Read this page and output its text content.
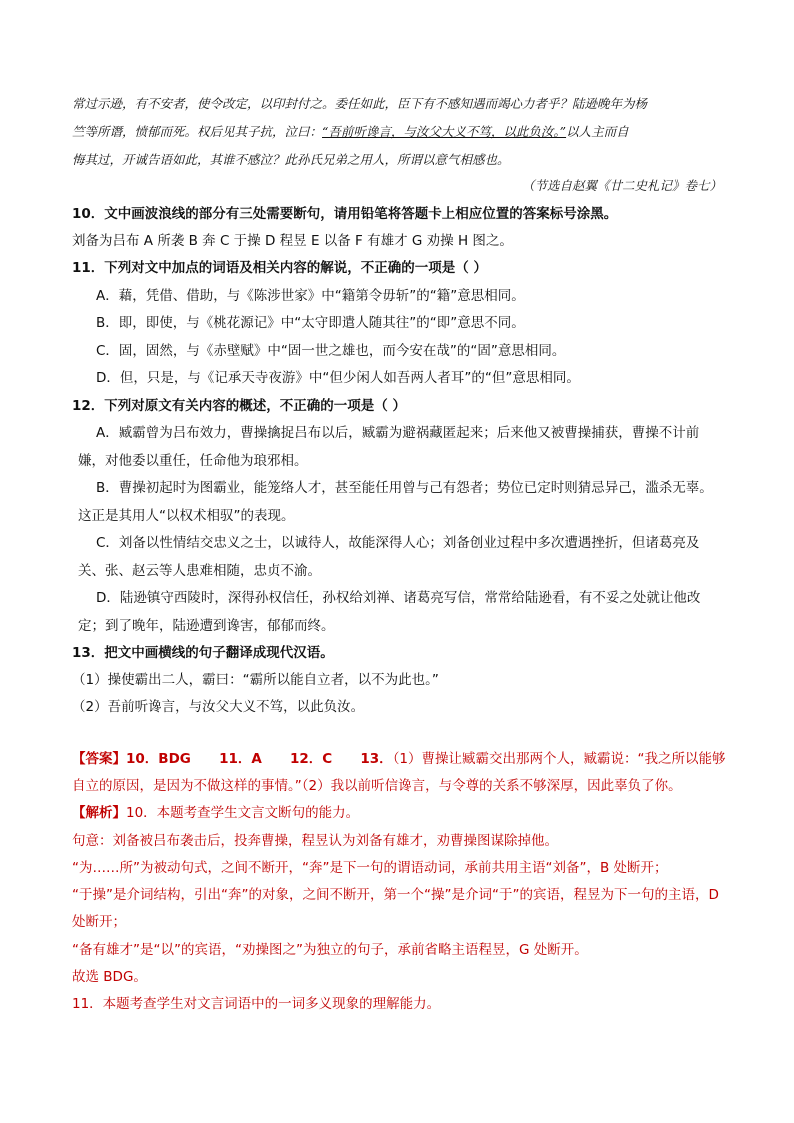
常过示逊，有不安者，使令改定，以印封付之。委任如此，臣下有不感知遇而竭心力者乎？陆逊晚年为杨
竺等所谮，愤郁而死。权后见其子抗，泣曰：“吾前听谗言，与汝父大义不笃，以此负汝。”以人主而自
悔其过，开诚告语如此，其谁不感泣？此孙氏兄弟之用人，所谓以意气相感也。
（节选自赵翼《廿二史札记》卷七）
10．文中画波浪线的部分有三处需要断句，请用铅笔将答题卡上相应位置的答案标号涂黑。
刘备为吕布 A 所袭 B 奔 C 于操 D 程昱 E 以备 F 有雄才 G 劝操 H 图之。
11．下列对文中加点的词语及相关内容的解说，不正确的一项是（ ）
A．藉，凭借、借助，与《陈涉世家》中“籍第令毋斩”的“籍”意思相同。
B．即，即使，与《桃花源记》中“太守即遣人随其往”的“即”意思不同。
C．固，固然，与《赤壁赋》中“固一世之雄也，而今安在哉”的“固”意思相同。
D．但，只是，与《记承天寺夜游》中“但少闲人如吾两人者耳”的“但”意思相同。
12．下列对原文有关内容的概述，不正确的一项是（ ）
A．臧霸曾为吕布效力，曹操擒捉吕布以后，臧霸为避祸藏匿起来；后来他又被曹操捕获，曹操不计前
嫌，对他委以重任，任命他为琅邪相。
B．曹操初起时为图霸业，能笼络人才，甚至能任用曾与己有怨者；势位已定时则猜忌异己，滥杀无辜。
这正是其用人“以权术相驭”的表现。
C．刘备以性情结交忠义之士，以诚待人，故能深得人心；刘备创业过程中多次遭遇挫折，但诸葛亮及
关、张、赵云等人患难相随，忠贞不渝。
D．陆逊镇守西陵时，深得孙权信任，孙权给刘禅、诸葛亮写信，常常给陆逊看，有不妥之处就让他改
定；到了晚年，陆逊遭到谗害，郁郁而终。
13．把文中画横线的句子翻译成现代汉语。
（1）操使霸出二人，霸曰：“霸所以能自立者，以不为此也。”
（2）吾前听谗言，与汝父大义不笃，以此负汝。
【答案】10．BDG      11．A      12．C      13．（1）曹操让臧霸交出那两个人，臧霸说：“我之所以能够
自立的原因，是因为不做这样的事情。”（2）我以前听信谗言，与令尊的关系不够深厚，因此辜负了你。
【解析】10．本题考查学生文言文断句的能力。
句意：刘备被吕布袭击后，投奔曹操，程昱认为刘备有雄才，劝曹操图谋除掉他。
“为……所”为被动句式，之间不断开，“奔”是下一句的谓语动词，承前共用主语“刘备”，B 处断开；
“于操”是介词结构，引出“奔”的对象，之间不断开，第一个“操”是介词“于”的宾语，程昱为下一句的主语，D
处断开；
“备有雄才”是“以”的宾语，“劝操图之”为独立的句子，承前省略主语程昱，G 处断开。
故选 BDG。
11．本题考查学生对文言词语中的一词多义现象的理解能力。
